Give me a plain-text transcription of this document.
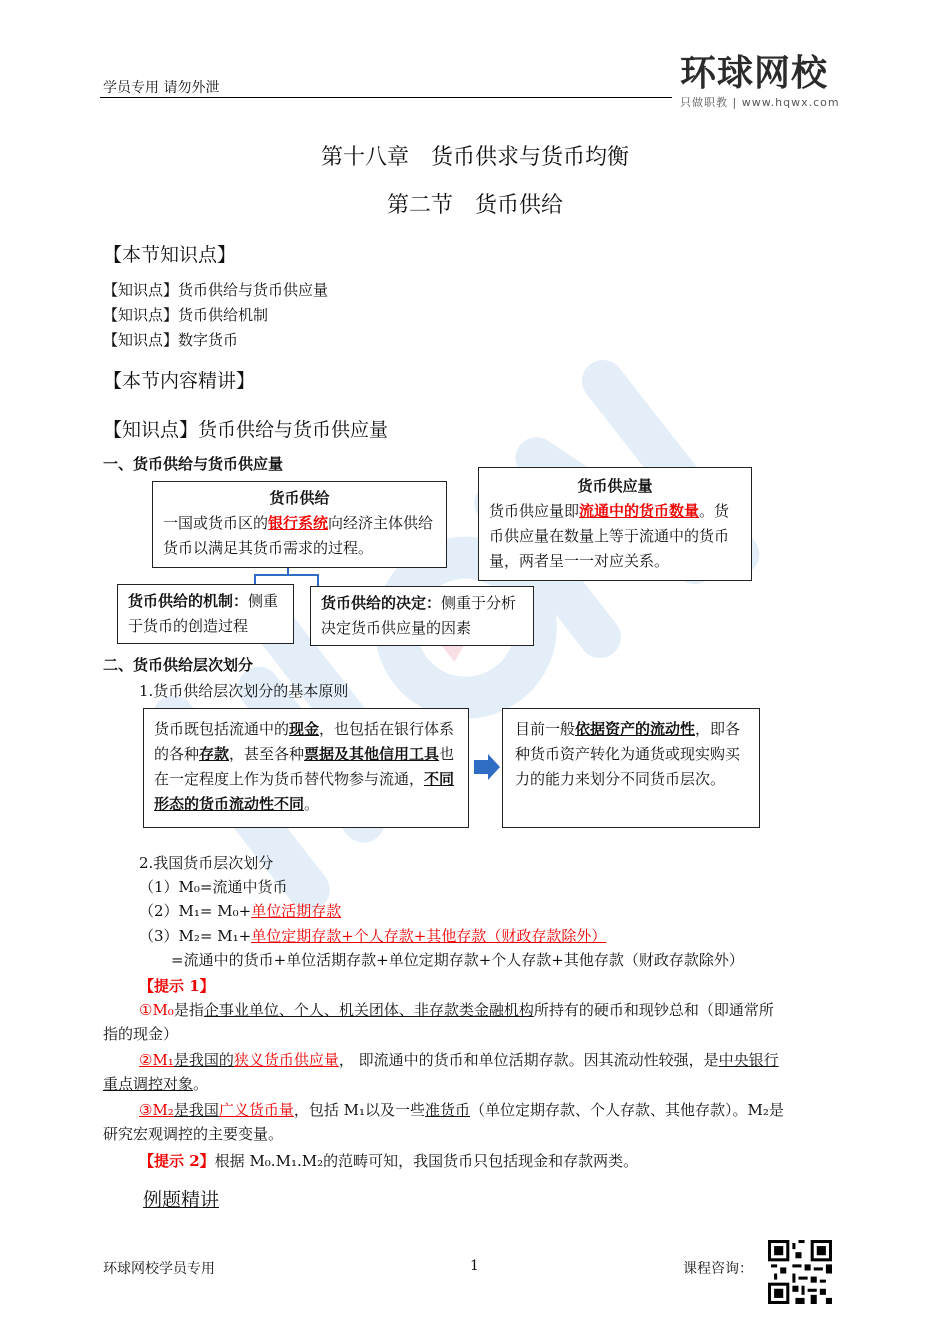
学员专用 请勿外泄	环球网校
只做职教 | www.hqwx.com
第十八章　货币供求与货币均衡
第二节　货币供给
【本节知识点】
【知识点】货币供给与货币供应量
【知识点】货币供给机制
【知识点】数字货币
【本节内容精讲】
【知识点】货币供给与货币供应量
一、货币供给与货币供应量
货币供给
一国或货币区的银行系统向经济主体供给货币以满足其货币需求的过程。
货币供应量
货币供应量即流通中的货币数量。货币供应量在数量上等于流通中的货币量，两者呈一一对应关系。
货币供给的机制：侧重于货币的创造过程
货币供给的决定：侧重于分析决定货币供应量的因素
二、货币供给层次划分
1.货币供给层次划分的基本原则
货币既包括流通中的现金，也包括在银行体系的各种存款，甚至各种票据及其他信用工具也在一定程度上作为货币替代物参与流通，不同形态的货币流动性不同。
目前一般依据资产的流动性，即各种货币资产转化为通货或现实购买力的能力来划分不同货币层次。
2.我国货币层次划分
（1）M₀=流通中货币
（2）M₁= M₀+单位活期存款
（3）M₂= M₁+单位定期存款+个人存款+其他存款（财政存款除外）
=流通中的货币+单位活期存款+单位定期存款+个人存款+其他存款（财政存款除外）
【提示 1】
①M₀是指企事业单位、个人、机关团体、非存款类金融机构所持有的硬币和现钞总和（即通常所
指的现金）
②M₁是我国的狭义货币供应量， 即流通中的货币和单位活期存款。因其流动性较强，是中央银行
重点调控对象。
③M₂是我国广义货币量，包括 M₁以及一些准货币（单位定期存款、个人存款、其他存款）。M₂是
研究宏观调控的主要变量。
【提示 2】根据 M₀.M₁.M₂的范畴可知，我国货币只包括现金和存款两类。
例题精讲
环球网校学员专用	1	课程咨询：
